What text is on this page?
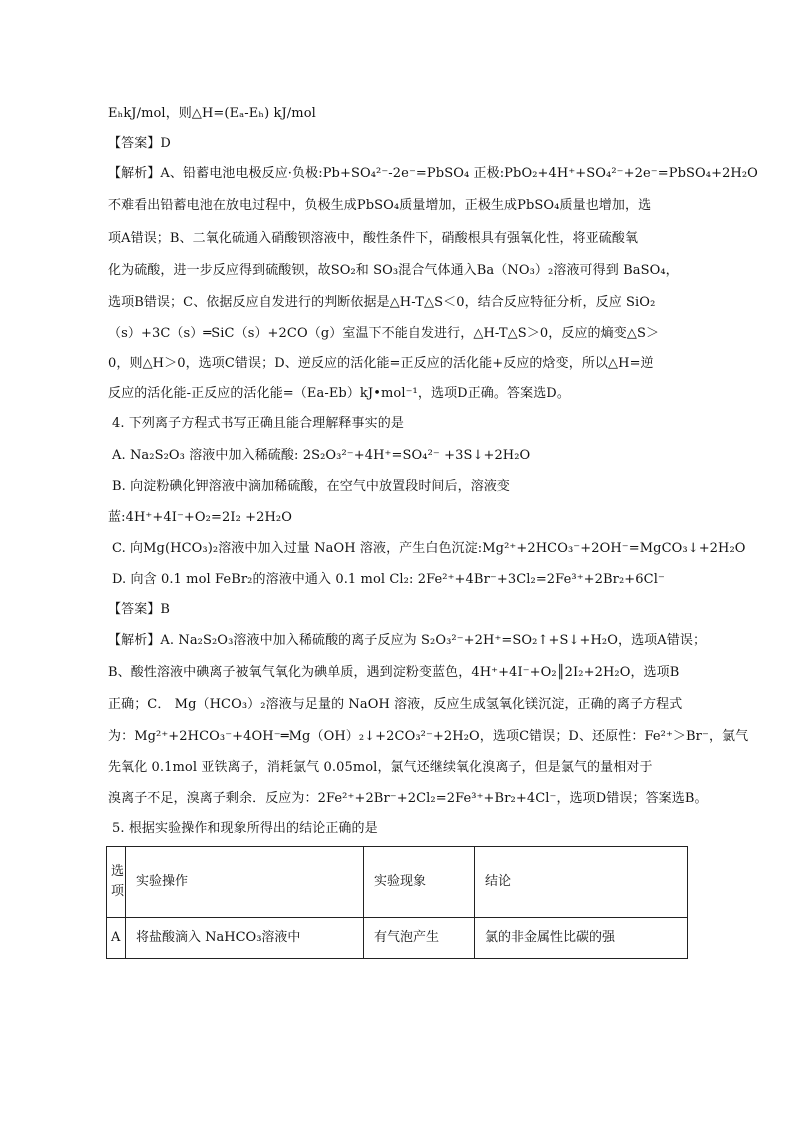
EₕkJ/mol，则△H=(Eₐ-Eₕ) kJ/mol
【答案】D
【解析】A、铅蓄电池电极反应·负极:Pb+SO₄²⁻-2e⁻=PbSO₄ 正极:PbO₂+4H⁺+SO₄²⁻+2e⁻=PbSO₄+2H₂O
不难看出铅蓄电池在放电过程中，负极生成PbSO₄质量增加，正极生成PbSO₄质量也增加，选
项A错误；B、二氧化硫通入硝酸钡溶液中，酸性条件下，硝酸根具有强氧化性，将亚硫酸氧
化为硫酸，进一步反应得到硫酸钡，故SO₂和 SO₃混合气体通入Ba（NO₃）₂溶液可得到 BaSO₄，
选项B错误；C、依据反应自发进行的判断依据是△H-T△S＜0，结合反应特征分析，反应 SiO₂
（s）+3C（s）═SiC（s）+2CO（g）室温下不能自发进行，△H-T△S＞0，反应的熵变△S＞
0，则△H＞0，选项C错误；D、逆反应的活化能=正反应的活化能+反应的焓变，所以△H=逆
反应的活化能-正反应的活化能=（Ea-Eb）kJ•mol⁻¹，选项D正确。答案选D。
4. 下列离子方程式书写正确且能合理解释事实的是
A. Na₂S₂O₃ 溶液中加入稀硫酸: 2S₂O₃²⁻+4H⁺=SO₄²⁻ +3S↓+2H₂O
B. 向淀粉碘化钾溶液中滴加稀硫酸，在空气中放置段时间后，溶液变
蓝:4H⁺+4I⁻+O₂=2I₂ +2H₂O
C. 向Mg(HCO₃)₂溶液中加入过量 NaOH 溶液，产生白色沉淀:Mg²⁺+2HCO₃⁻+2OH⁻=MgCO₃↓+2H₂O
D. 向含 0.1 mol FeBr₂的溶液中通入 0.1 mol Cl₂: 2Fe²⁺+4Br⁻+3Cl₂=2Fe³⁺+2Br₂+6Cl⁻
【答案】B
【解析】A. Na₂S₂O₃溶液中加入稀硫酸的离子反应为 S₂O₃²⁻+2H⁺=SO₂↑+S↓+H₂O，选项A错误；
B、酸性溶液中碘离子被氧气氧化为碘单质，遇到淀粉变蓝色，4H⁺+4I⁻+O₂║2I₂+2H₂O，选项B
正确；C． Mg（HCO₃）₂溶液与足量的 NaOH 溶液，反应生成氢氧化镁沉淀，正确的离子方程式
为：Mg²⁺+2HCO₃⁻+4OH⁻═Mg（OH）₂↓+2CO₃²⁻+2H₂O，选项C错误；D、还原性：Fe²⁺＞Br⁻，氯气
先氧化 0.1mol 亚铁离子，消耗氯气 0.05mol，氯气还继续氧化溴离子，但是氯气的量相对于
溴离子不足，溴离子剩余．反应为：2Fe²⁺+2Br⁻+2Cl₂=2Fe³⁺+Br₂+4Cl⁻，选项D错误；答案选B。
5. 根据实验操作和现象所得出的结论正确的是
选项	实验操作	实验现象	结论
A	将盐酸滴入 NaHCO₃溶液中	有气泡产生	氯的非金属性比碳的强
